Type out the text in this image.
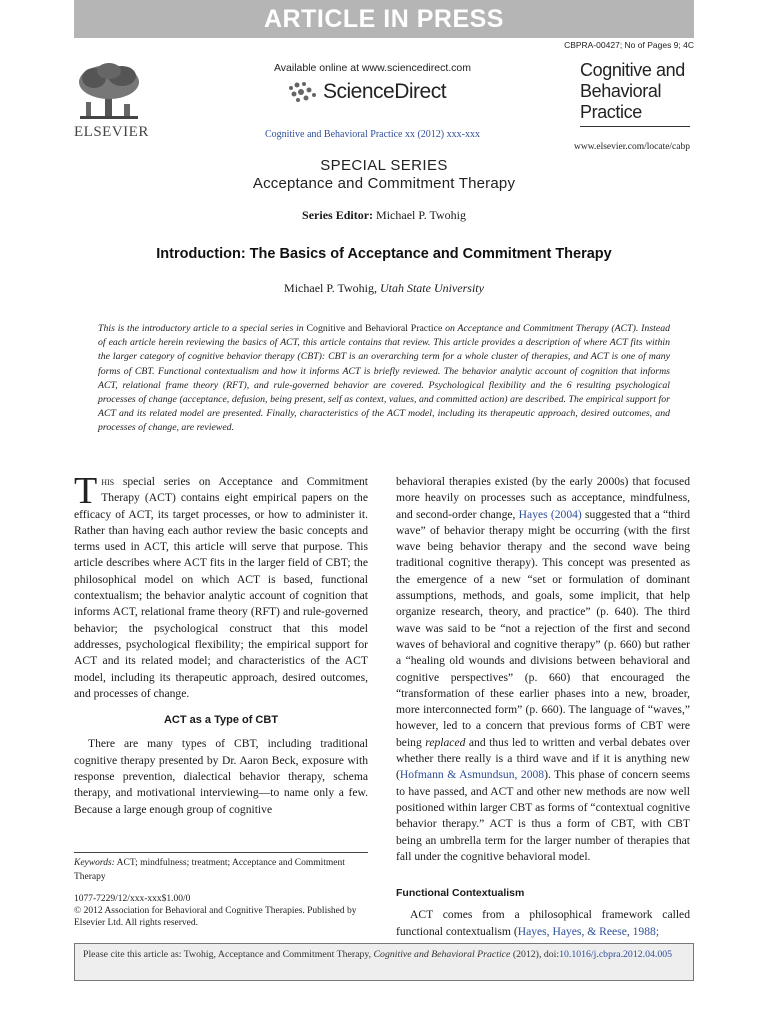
ARTICLE IN PRESS
CBPRA-00427; No of Pages 9; 4C
ELSEVIER
Available online at www.sciencedirect.com
ScienceDirect
Cognitive and Behavioral Practice xx (2012) xxx-xxx
Cognitive and Behavioral Practice
www.elsevier.com/locate/cabp
SPECIAL SERIES
Acceptance and Commitment Therapy
Series Editor: Michael P. Twohig
Introduction: The Basics of Acceptance and Commitment Therapy
Michael P. Twohig, Utah State University
This is the introductory article to a special series in Cognitive and Behavioral Practice on Acceptance and Commitment Therapy (ACT). Instead of each article herein reviewing the basics of ACT, this article contains that review. This article provides a description of where ACT fits within the larger category of cognitive behavior therapy (CBT): CBT is an overarching term for a whole cluster of therapies, and ACT is one of many forms of CBT. Functional contextualism and how it informs ACT is briefly reviewed. The behavior analytic account of cognition that informs ACT, relational frame theory (RFT), and rule-governed behavior are covered. Psychological flexibility and the 6 resulting psychological processes of change (acceptance, defusion, being present, self as context, values, and committed action) are described. The empirical support for ACT and its related model are presented. Finally, characteristics of the ACT model, including its therapeutic approach, desired outcomes, and processes of change, are reviewed.

This special series on Acceptance and Commitment Therapy (ACT) contains eight empirical papers on the efficacy of ACT, its target processes, or how to administer it. Rather than having each author review the basic concepts and terms used in ACT, this article will serve that purpose. This article describes where ACT fits in the larger field of CBT; the philosophical model on which ACT is based, functional contextualism; the behavior analytic account of cognition that informs ACT, relational frame theory (RFT) and rule-governed behavior; the psychological construct that this model addresses, psychological flexibility; the empirical support for ACT and its related model; and characteristics of the ACT model, including its therapeutic approach, desired outcomes, and processes of change.

ACT as a Type of CBT

There are many types of CBT, including traditional cognitive therapy presented by Dr. Aaron Beck, exposure with response prevention, dialectical behavior therapy, schema therapy, and motivational interviewing—to name only a few. Because a large enough group of cognitive

Keywords: ACT; mindfulness; treatment; Acceptance and Commitment Therapy
1077-7229/12/xxx-xxx$1.00/0
© 2012 Association for Behavioral and Cognitive Therapies. Published by Elsevier Ltd. All rights reserved.

behavioral therapies existed (by the early 2000s) that focused more heavily on processes such as acceptance, mindfulness, and second-order change, Hayes (2004) suggested that a “third wave” of behavior therapy might be occurring (with the first wave being behavior therapy and the second wave being traditional cognitive therapy). This concept was presented as the emergence of a new “set or formulation of dominant assumptions, methods, and goals, some implicit, that help organize research, theory, and practice” (p. 640). The third wave was said to be “not a rejection of the first and second waves of behavioral and cognitive therapy” (p. 660) but rather a “healing old wounds and divisions between behavioral and cognitive perspectives” (p. 660) that encouraged the “transformation of these earlier phases into a new, broader, more interconnected form” (p. 660). The language of “waves,” however, led to a concern that previous forms of CBT were being replaced and thus led to written and verbal debates over whether there really is a third wave and if it is anything new (Hofmann & Asmundsun, 2008). This phase of concern seems to have passed, and ACT and other new methods are now well positioned within larger CBT as forms of “contextual cognitive behavior therapy.” ACT is thus a form of CBT, with CBT being an umbrella term for the larger number of therapies that fall under the cognitive behavioral model.

Functional Contextualism

ACT comes from a philosophical framework called functional contextualism (Hayes, Hayes, & Reese, 1988;

Please cite this article as: Twohig, Acceptance and Commitment Therapy, Cognitive and Behavioral Practice (2012), doi:10.1016/j.cbpra.2012.04.005
